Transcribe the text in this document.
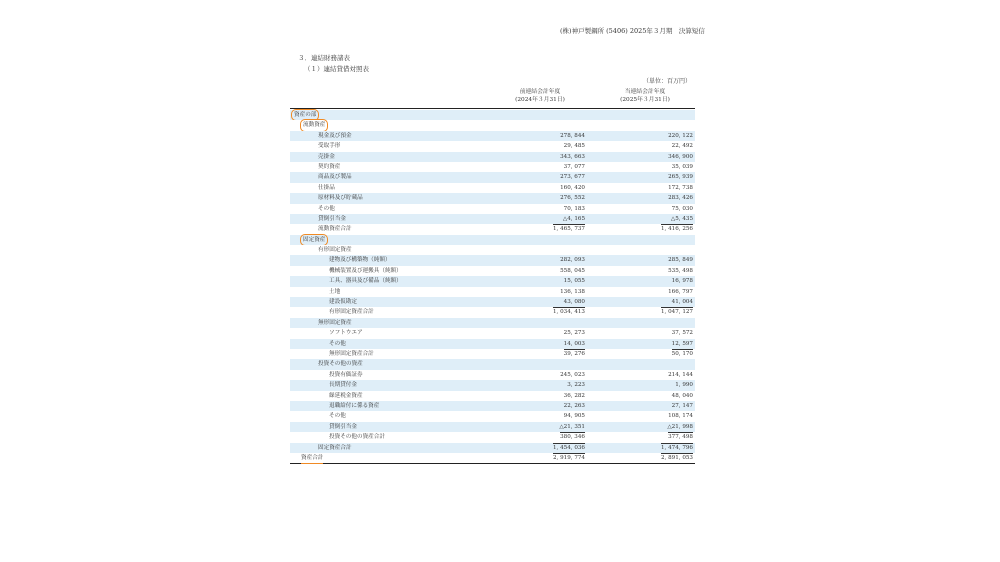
(株)神戸製鋼所 (5406) 2025年３月期　決算短信
３．連結財務諸表
（１）連結貸借対照表
（単位：百万円）
前連結会計年度
(2024年３月31日)
当連結会計年度
(2025年３月31日)
資産の部
流動資産
現金及び預金	278, 844	220, 122
受取手形	29, 485	22, 492
売掛金	343, 663	346, 900
契約資産	37, 077	35, 039
商品及び製品	273, 677	265, 939
仕掛品	160, 420	172, 738
原材料及び貯蔵品	276, 552	283, 426
その他	70, 183	75, 030
貸倒引当金	△4, 165	△5, 435
流動資産合計	1, 465, 737	1, 416, 256
固定資産
有形固定資産
建物及び構築物（純額）	282, 093	285, 849
機械装置及び運搬具（純額）	558, 045	535, 498
工具、器具及び備品（純額）	15, 055	16, 978
土地	136, 138	166, 797
建設仮勘定	43, 080	41, 004
有形固定資産合計	1, 034, 413	1, 047, 127
無形固定資産
ソフトウエア	25, 273	37, 572
その他	14, 003	12, 597
無形固定資産合計	39, 276	50, 170
投資その他の資産
投資有価証券	245, 023	214, 144
長期貸付金	3, 223	1, 990
繰延税金資産	36, 282	48, 040
退職給付に係る資産	22, 263	27, 147
その他	94, 905	108, 174
貸倒引当金	△21, 351	△21, 998
投資その他の資産合計	380, 346	377, 498
固定資産合計	1, 454, 036	1, 474, 796
資産合計	2, 919, 774	2, 891, 053
